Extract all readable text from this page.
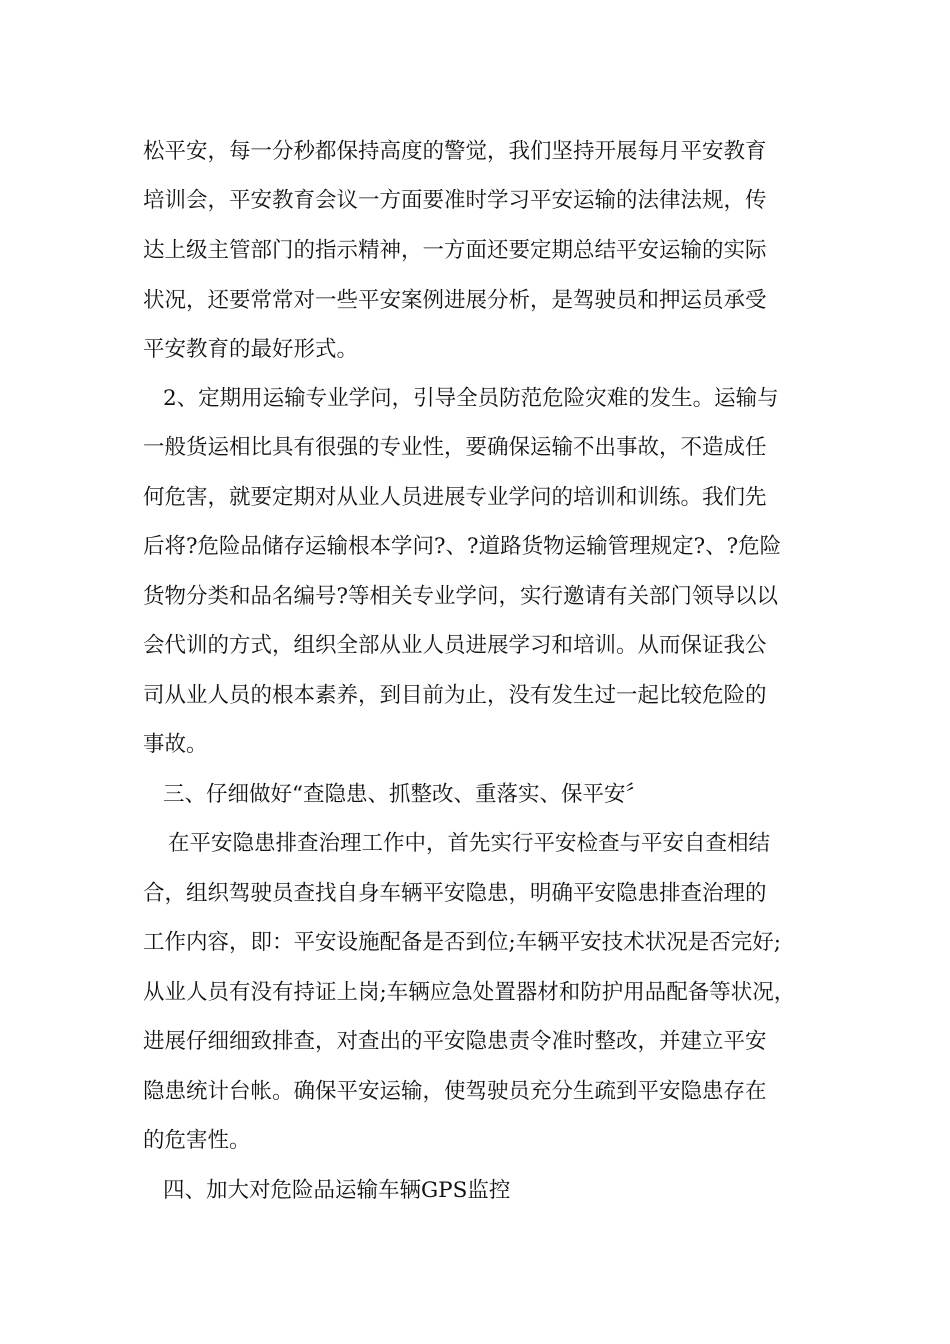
松平安，每一分秒都保持高度的警觉，我们坚持开展每月平安教育
培训会，平安教育会议一方面要准时学习平安运输的法律法规，传
达上级主管部门的指示精神，一方面还要定期总结平安运输的实际
状况，还要常常对一些平安案例进展分析，是驾驶员和押运员承受
平安教育的最好形式。
2、定期用运输专业学问，引导全员防范危险灾难的发生。运输与
一般货运相比具有很强的专业性，要确保运输不出事故，不造成任
何危害，就要定期对从业人员进展专业学问的培训和训练。我们先
后将?危险品储存运输根本学问?、?道路货物运输管理规定?、?危险
货物分类和品名编号?等相关专业学问，实行邀请有关部门领导以以
会代训的方式，组织全部从业人员进展学习和培训。从而保证我公
司从业人员的根本素养，到目前为止，没有发生过一起比较危险的
事故。
三、仔细做好“查隐患、抓整改、重落实、保平安〞
在平安隐患排查治理工作中，首先实行平安检查与平安自查相结
合，组织驾驶员查找自身车辆平安隐患，明确平安隐患排查治理的
工作内容，即：平安设施配备是否到位;车辆平安技术状况是否完好;
从业人员有没有持证上岗;车辆应急处置器材和防护用品配备等状况，
进展仔细细致排查，对查出的平安隐患责令准时整改，并建立平安
隐患统计台帐。确保平安运输，使驾驶员充分生疏到平安隐患存在
的危害性。
四、加大对危险品运输车辆GPS监控
